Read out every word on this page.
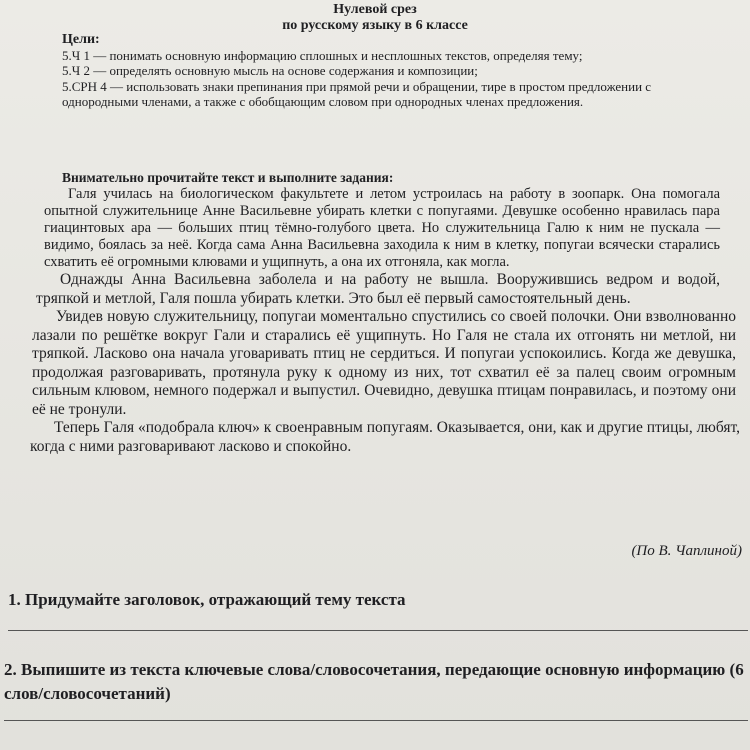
Нулевой срез
по русскому языку в 6 классе
Цели:

5.Ч 1 — понимать основную информацию сплошных и несплошных текстов, определяя тему;

5.Ч 2 — определять основную мысль на основе содержания и композиции;

5.СРН 4 — использовать знаки препинания при прямой речи и обращении, тире в простом предложении с однородными членами, а также с обобщающим словом при однородных членах предложения.

Внимательно прочитайте текст и выполните задания:

Галя училась на биологическом факультете и летом устроилась на работу в зоопарк. Она помогала опытной служительнице Анне Васильевне убирать клетки с попугаями. Девушке особенно нравилась пара гиацинтовых ара — больших птиц тёмно-голубого цвета. Но служительница Галю к ним не пускала — видимо, боялась за неё. Когда сама Анна Васильевна заходила к ним в клетку, попугаи всячески старались схватить её огромными клювами и ущипнуть, а она их отгоняла, как могла.

Однажды Анна Васильевна заболела и на работу не вышла. Вооружившись ведром и водой, тряпкой и метлой, Галя пошла убирать клетки. Это был её первый самостоятельный день.

Увидев новую служительницу, попугаи моментально спустились со своей полочки. Они взволнованно лазали по решётке вокруг Гали и старались её ущипнуть. Но Галя не стала их отгонять ни метлой, ни тряпкой. Ласково она начала уговаривать птиц не сердиться. И попугаи успокоились. Когда же девушка, продолжая разговаривать, протянула руку к одному из них, тот схватил её за палец своим огромным сильным клювом, немного подержал и выпустил. Очевидно, девушка птицам понравилась, и поэтому они её не тронули.

Теперь Галя «подобрала ключ» к своенравным попугаям. Оказывается, они, как и другие птицы, любят, когда с ними разговаривают ласково и спокойно.

(По В. Чаплиной)
1. Придумайте заголовок, отражающий тему текста
2. Выпишите из текста ключевые слова/словосочетания, передающие основную информацию (6 слов/словосочетаний)
